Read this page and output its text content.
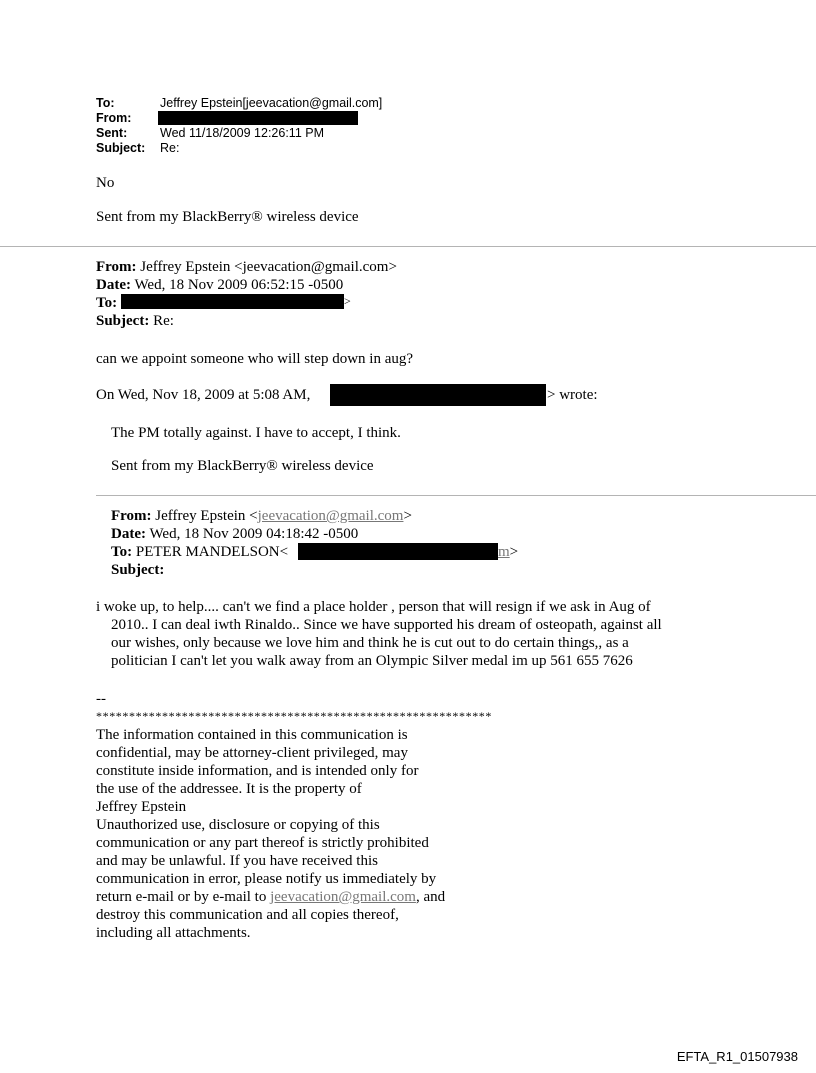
To:	Jeffrey Epstein[jeevacation@gmail.com]
From:
Sent:	Wed 11/18/2009 12:26:11 PM
Subject: Re:
No
Sent from my BlackBerry® wireless device
From: Jeffrey Epstein <jeevacation@gmail.com>
Date: Wed, 18 Nov 2009 06:52:15 -0500
To:	>
Subject: Re:
can we appoint someone who will step down in aug?
On Wed, Nov 18, 2009 at 5:08 AM,	> wrote:
The PM totally against. I have to accept, I think.
Sent from my BlackBerry® wireless device
From: Jeffrey Epstein <jeevacation@gmail.com>
Date: Wed, 18 Nov 2009 04:18:42 -0500
To: PETER MANDELSON<	m>
Subject:
i woke up, to help.... can't we find a place holder , person that will resign if we ask in Aug of
2010.. I can deal iwth Rinaldo.. Since we have supported his dream of osteopath, against all
our wishes, only because we love him and think he is cut out to do certain things,, as a
politician I can't let you walk away from an Olympic Silver medal im up 561 655 7626
--
************************************************************
The information contained in this communication is
confidential, may be attorney-client privileged, may
constitute inside information, and is intended only for
the use of the addressee. It is the property of
Jeffrey Epstein
Unauthorized use, disclosure or copying of this
communication or any part thereof is strictly prohibited
and may be unlawful. If you have received this
communication in error, please notify us immediately by
return e-mail or by e-mail to jeevacation@gmail.com, and
destroy this communication and all copies thereof,
including all attachments.
EFTA_R1_01507938
